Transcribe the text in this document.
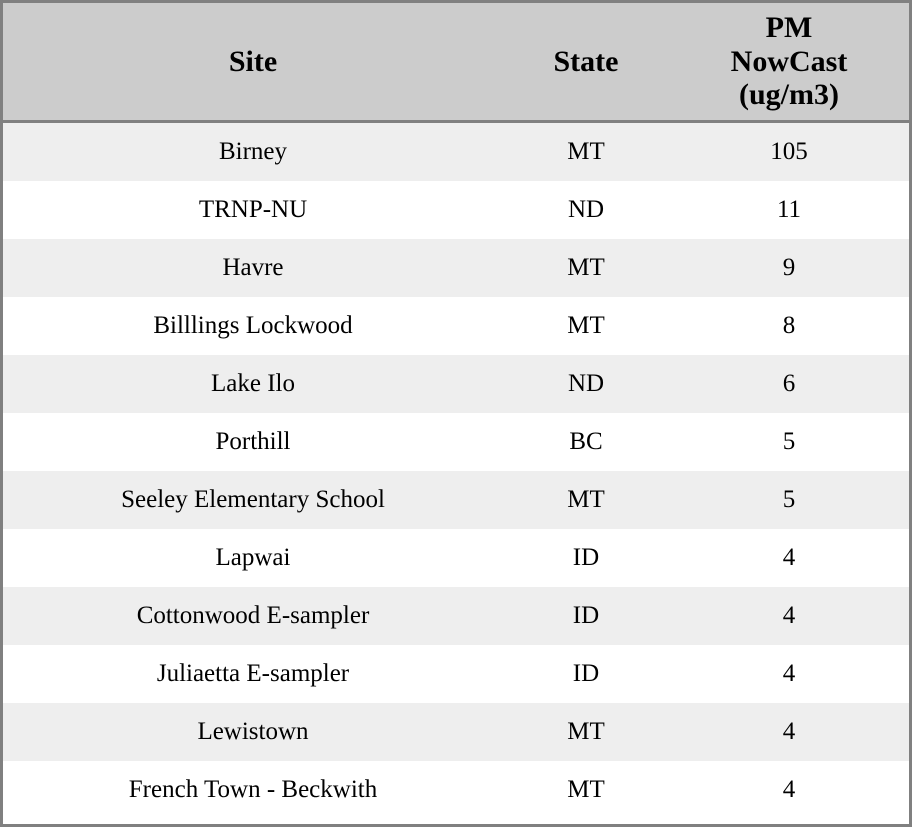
Site	State	PM
NowCast
(ug/m3)

Birney	MT	105
TRNP-NU	ND	11
Havre	MT	9
Billlings Lockwood	MT	8
Lake Ilo	ND	6
Porthill	BC	5
Seeley Elementary School	MT	5
Lapwai	ID	4
Cottonwood E-sampler	ID	4
Juliaetta E-sampler	ID	4
Lewistown	MT	4
French Town - Beckwith	MT	4
